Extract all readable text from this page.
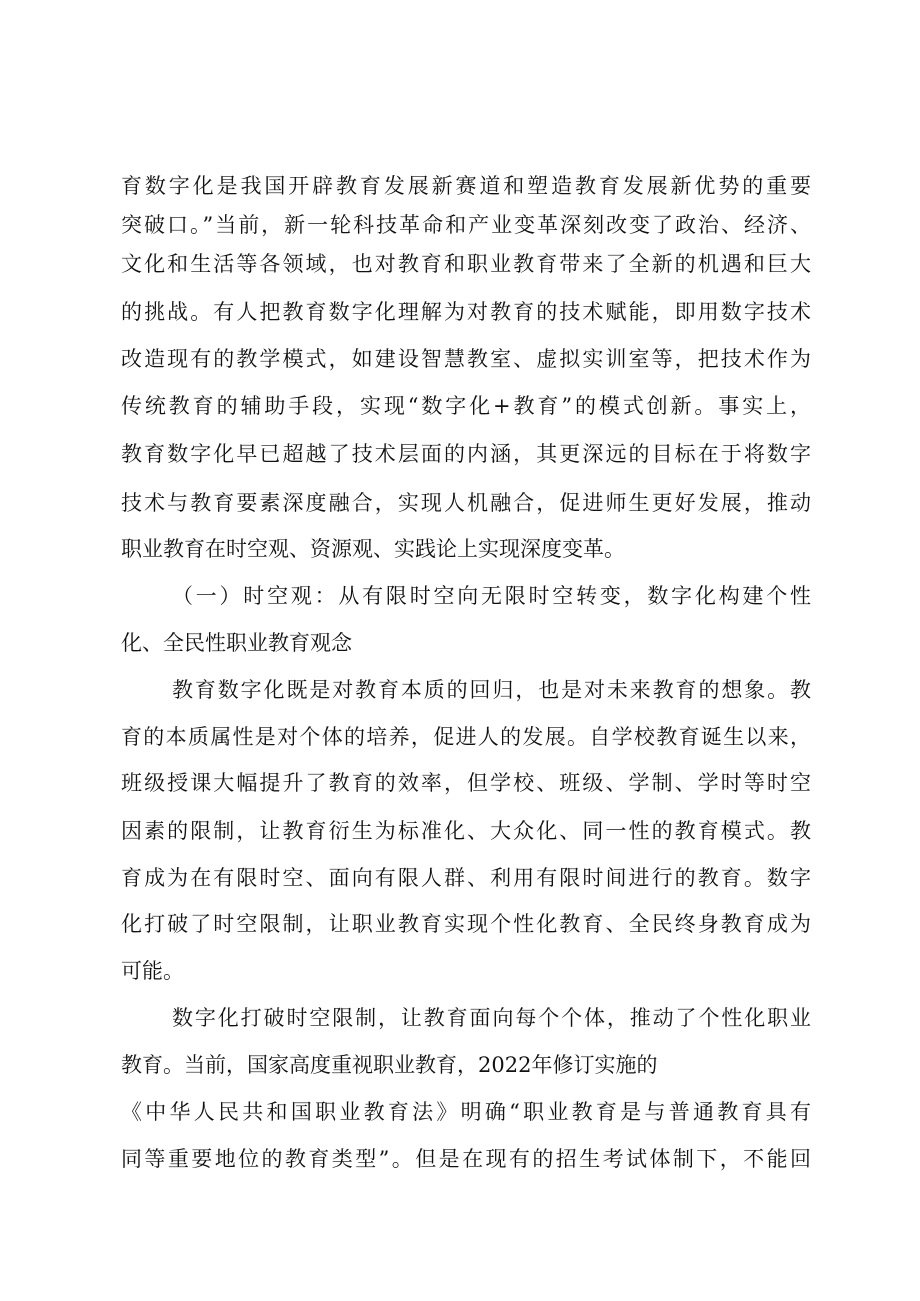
育数字化是我国开辟教育发展新赛道和塑造教育发展新优势的重要
突破口。”当前，新一轮科技革命和产业变革深刻改变了政治、经济、
文化和生活等各领域，也对教育和职业教育带来了全新的机遇和巨大
的挑战。有人把教育数字化理解为对教育的技术赋能，即用数字技术
改造现有的教学模式，如建设智慧教室、虚拟实训室等，把技术作为
传统教育的辅助手段，实现“数字化+教育”的模式创新。事实上，
教育数字化早已超越了技术层面的内涵，其更深远的目标在于将数字
技术与教育要素深度融合，实现人机融合，促进师生更好发展，推动
职业教育在时空观、资源观、实践论上实现深度变革。
（一）时空观：从有限时空向无限时空转变，数字化构建个性
化、全民性职业教育观念
教育数字化既是对教育本质的回归，也是对未来教育的想象。教
育的本质属性是对个体的培养，促进人的发展。自学校教育诞生以来，
班级授课大幅提升了教育的效率，但学校、班级、学制、学时等时空
因素的限制，让教育衍生为标准化、大众化、同一性的教育模式。教
育成为在有限时空、面向有限人群、利用有限时间进行的教育。数字
化打破了时空限制，让职业教育实现个性化教育、全民终身教育成为
可能。
数字化打破时空限制，让教育面向每个个体，推动了个性化职业
教育。当前，国家高度重视职业教育，2022年修订实施的
《中华人民共和国职业教育法》明确“职业教育是与普通教育具有
同等重要地位的教育类型”。但是在现有的招生考试体制下，不能回
